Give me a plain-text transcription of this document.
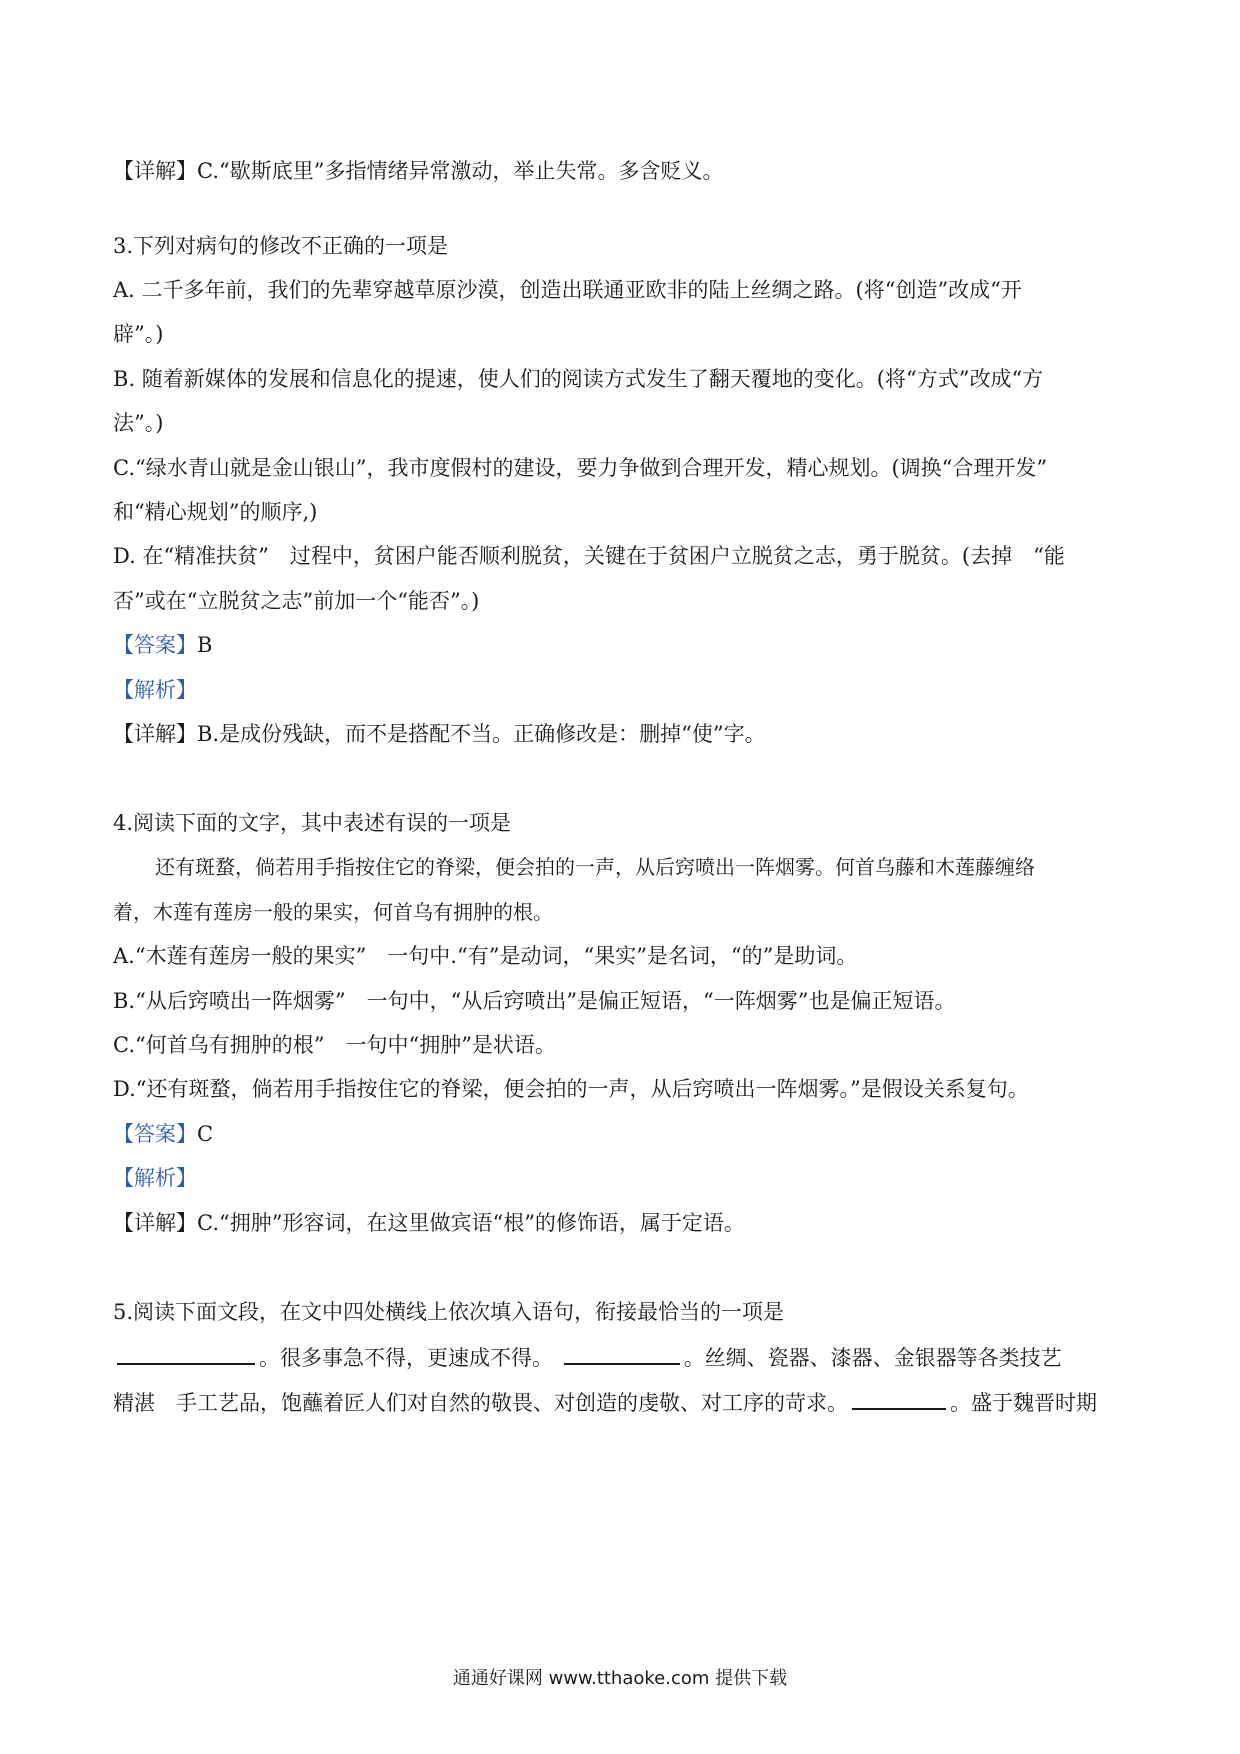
【详解】C.“歇斯底里”多指情绪异常激动，举止失常。多含贬义。
3.下列对病句的修改不正确的一项是
A. 二千多年前，我们的先辈穿越草原沙漠，创造出联通亚欧非的陆上丝绸之路。(将“创造”改成“开
辟”。)
B. 随着新媒体的发展和信息化的提速，使人们的阅读方式发生了翻天覆地的变化。(将“方式”改成“方
法”。)
C.“绿水青山就是金山银山”，我市度假村的建设，要力争做到合理开发，精心规划。(调换“合理开发”
和“精心规划”的顺序,)
D. 在“精准扶贫”　过程中，贫困户能否顺利脱贫，关键在于贫困户立脱贫之志，勇于脱贫。(去掉　“能
否”或在“立脱贫之志”前加一个“能否”。)
【答案】B
【解析】
【详解】B.是成份残缺，而不是搭配不当。正确修改是：删掉“使”字。
4.阅读下面的文字，其中表述有误的一项是
还有斑蝥，倘若用手指按住它的脊梁，便会拍的一声，从后窍喷出一阵烟雾。何首乌藤和木莲藤缠络
着，木莲有莲房一般的果实，何首乌有拥肿的根。
A.“木莲有莲房一般的果实”　一句中.“有”是动词，“果实”是名词，“的”是助词。
B.“从后窍喷出一阵烟雾”　一句中，“从后窍喷出”是偏正短语，“一阵烟雾”也是偏正短语。
C.“何首乌有拥肿的根”　一句中“拥肿”是状语。
D.“还有斑蝥，倘若用手指按住它的脊梁，便会拍的一声，从后窍喷出一阵烟雾。”是假设关系复句。
【答案】C
【解析】
【详解】C.“拥肿”形容词，在这里做宾语“根”的修饰语，属于定语。
5.阅读下面文段，在文中四处横线上依次填入语句，衔接最恰当的一项是
。很多事急不得，更速成不得。	。丝绸、瓷器、漆器、金银器等各类技艺
精湛　手工艺品，饱蘸着匠人们对自然的敬畏、对创造的虔敬、对工序的苛求。	。盛于魏晋时期
通通好课网 www.tthaoke.com 提供下载
